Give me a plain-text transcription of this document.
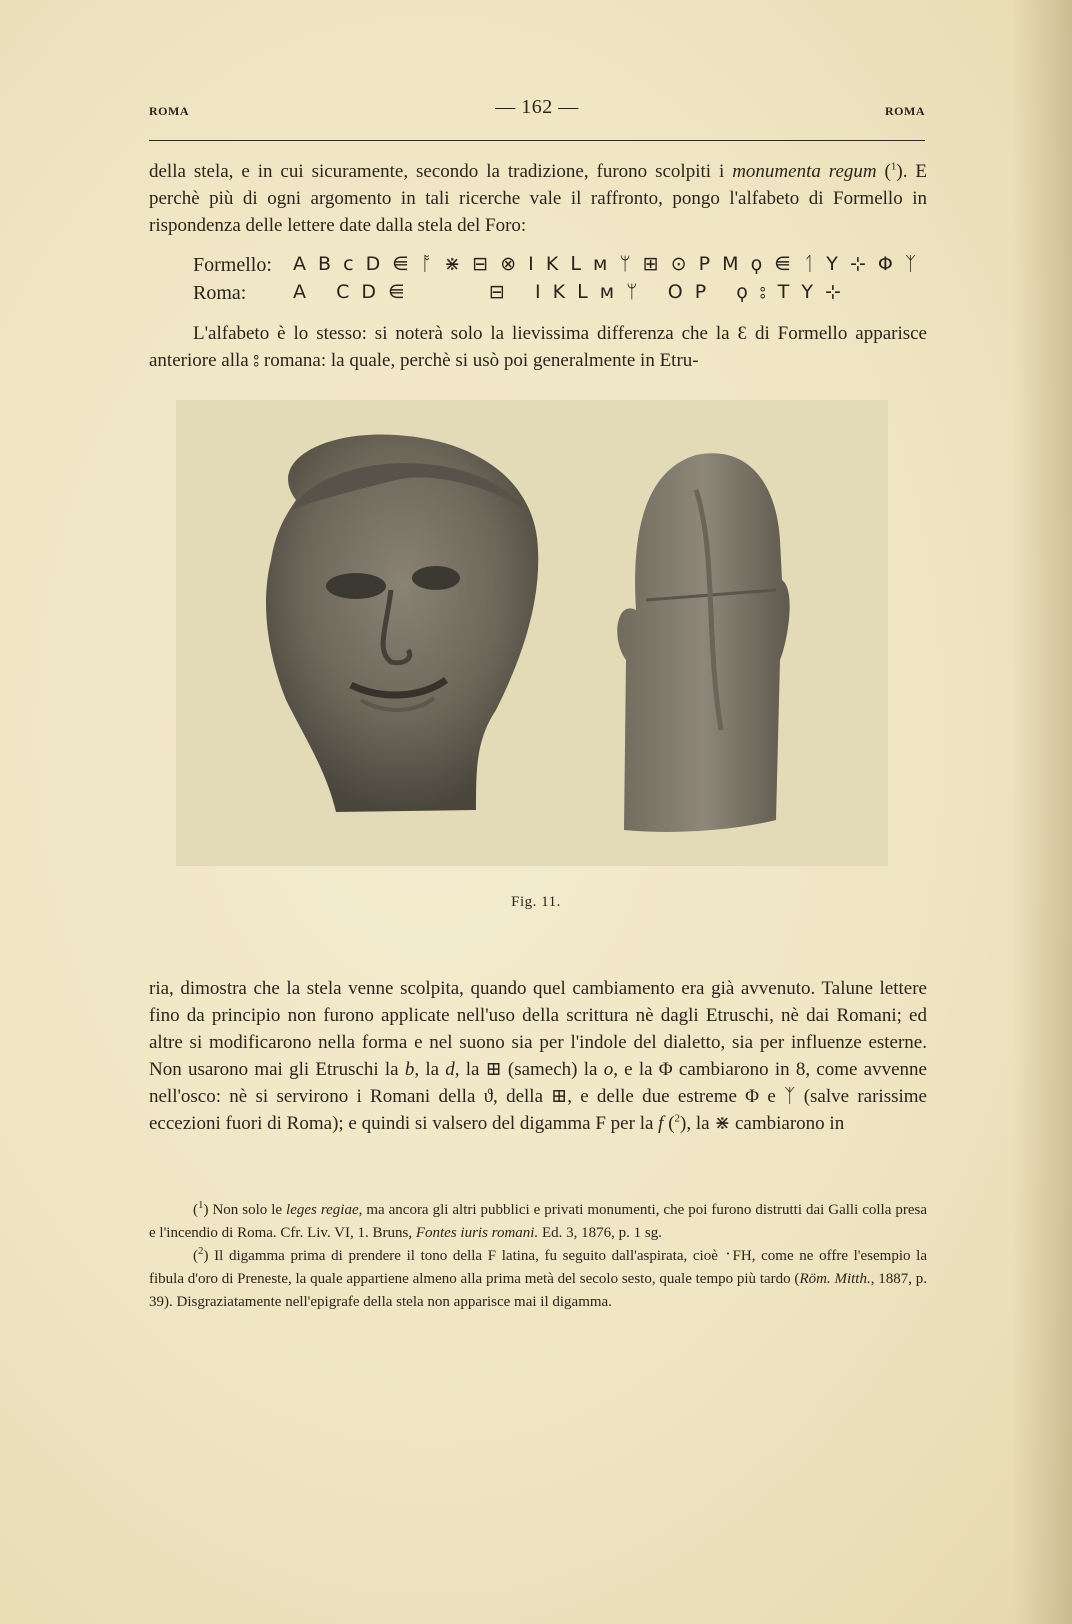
ROMA	— 162 —	ROMA

della stela, e in cui sicuramente, secondo la tradizione, furono scolpiti i monumenta regum ($^1$). E perchè più di ogni argomento in tali ricerche vale il raffronto, pongo l'alfabeto di Formello in rispondenza delle lettere date dalla stela del Foro:

Formello: A B c D ⋹ ᚩ ⋇ ⊟ ⊗ I K ᒪ ᴍ ᛘ ⊞ ⊙ P M ϙ ⋹ ᛐ Y ⊹ Φ ᛉ
Roma: A   C D ⋹         ⊟   I K ᒪ ᴍ ᛘ   O P   ϙ ⦂ T Y ⊹

L'alfabeto è lo stesso: si noterà solo la lievissima differenza che la Ɛ di Formello apparisce anteriore alla ⦂ romana: la quale, perchè si usò poi generalmente in Etru-

Fig. 11.

ria, dimostra che la stela venne scolpita, quando quel cambiamento era già avvenuto. Talune lettere fino da principio non furono applicate nell'uso della scrittura nè dagli Etruschi, nè dai Romani; ed altre si modificarono nella forma e nel suono sia per l'indole del dialetto, sia per influenze esterne. Non usarono mai gli Etruschi la b, la d, la ⊞ (samech) la o, e la Φ cambiarono in 8, come avvenne nell'osco: nè si servirono i Romani della ϑ, della ⊞, e delle due estreme Φ e ᛉ (salve rarissime eccezioni fuori di Roma); e quindi si valsero del digamma F per la f ($^2$), la ⋇ cambiarono in

($^1$) Non solo le leges regiae, ma ancora gli altri pubblici e privati monumenti, che poi furono distrutti dai Galli colla presa e l'incendio di Roma. Cfr. Liv. VI, 1. Bruns, Fontes iuris romani. Ed. 3, 1876, p. 1 sg.

($^2$) Il digamma prima di prendere il tono della F latina, fu seguito dall'aspirata, cioè ᛫FH, come ne offre l'esempio la fibula d'oro di Preneste, la quale appartiene almeno alla prima metà del secolo sesto, quale tempo più tardo (Röm. Mitth., 1887, p. 39). Disgraziatamente nell'epigrafe della stela non apparisce mai il digamma.
